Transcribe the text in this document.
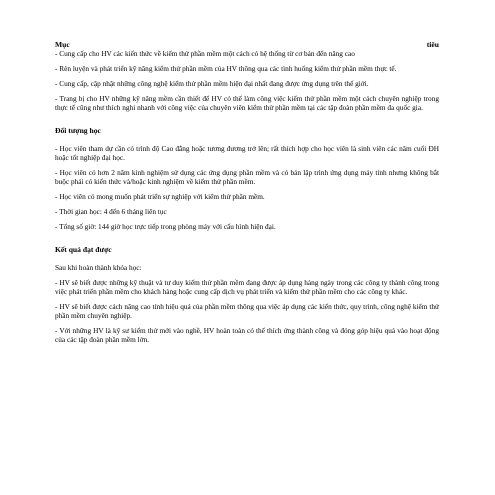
Mục	tiêu

- Cung cấp cho HV các kiến thức về kiểm thử phần mềm một cách có hệ thống từ cơ bản đến nâng cao

- Rèn luyện và phát triển kỹ năng kiểm thử phần mềm của HV thông qua các tình huống kiểm thử phần mềm thực tế.

- Cung cấp, cập nhật những công nghệ kiểm thử phần mềm hiện đại nhất đang được ứng dụng trên thế giới.

- Trang bị cho HV những kỹ năng mềm cần thiết để HV có thể làm công việc kiểm thử phần mềm một cách chuyên nghiệp trong thực tế cũng như thích nghi nhanh với công việc của chuyên viên kiểm thử phần mềm tại các tập đoàn phần mềm đa quốc gia.

Đối tượng học

- Học viên tham dự cần có trình độ Cao đẳng hoặc tương đương trở lên; rất thích hợp cho học viên là sinh viên các năm cuối ĐH hoặc tốt nghiệp đại học.

- Học viên có hơn 2 năm kinh nghiệm sử dụng các ứng dụng phần mềm và có bản lập trình ứng dụng máy tính nhưng không bắt buộc phải có kiến thức và/hoặc kinh nghiệm về kiểm thử phần mềm.

- Học viên có mong muốn phát triển sự nghiệp với kiểm thử phần mềm.

- Thời gian học: 4 đến 6 tháng liên tục

- Tổng số giờ: 144 giờ học trực tiếp trong phòng máy với cấu hình hiện đại.

Kết quả đạt được

Sau khi hoàn thành khóa học:

- HV sẽ biết được những kỹ thuật và tư duy kiểm thử phần mềm đang được áp dụng hàng ngày trong các công ty thành công trong việc phát triển phần mềm cho khách hàng hoặc cung cấp dịch vụ phát triển và kiểm thử phần mềm cho các công ty khác.

- HV sẽ biết được cách nâng cao tính hiệu quả của phần mềm thông qua việc áp dụng các kiến thức, quy trình, công nghệ kiểm thử phần mềm chuyên nghiệp.

- Với những HV là kỹ sư kiểm thử mới vào nghề, HV hoàn toàn có thể thích ứng thành công và đóng góp hiệu quả vào hoạt động của các tập đoàn phần mềm lớn.
